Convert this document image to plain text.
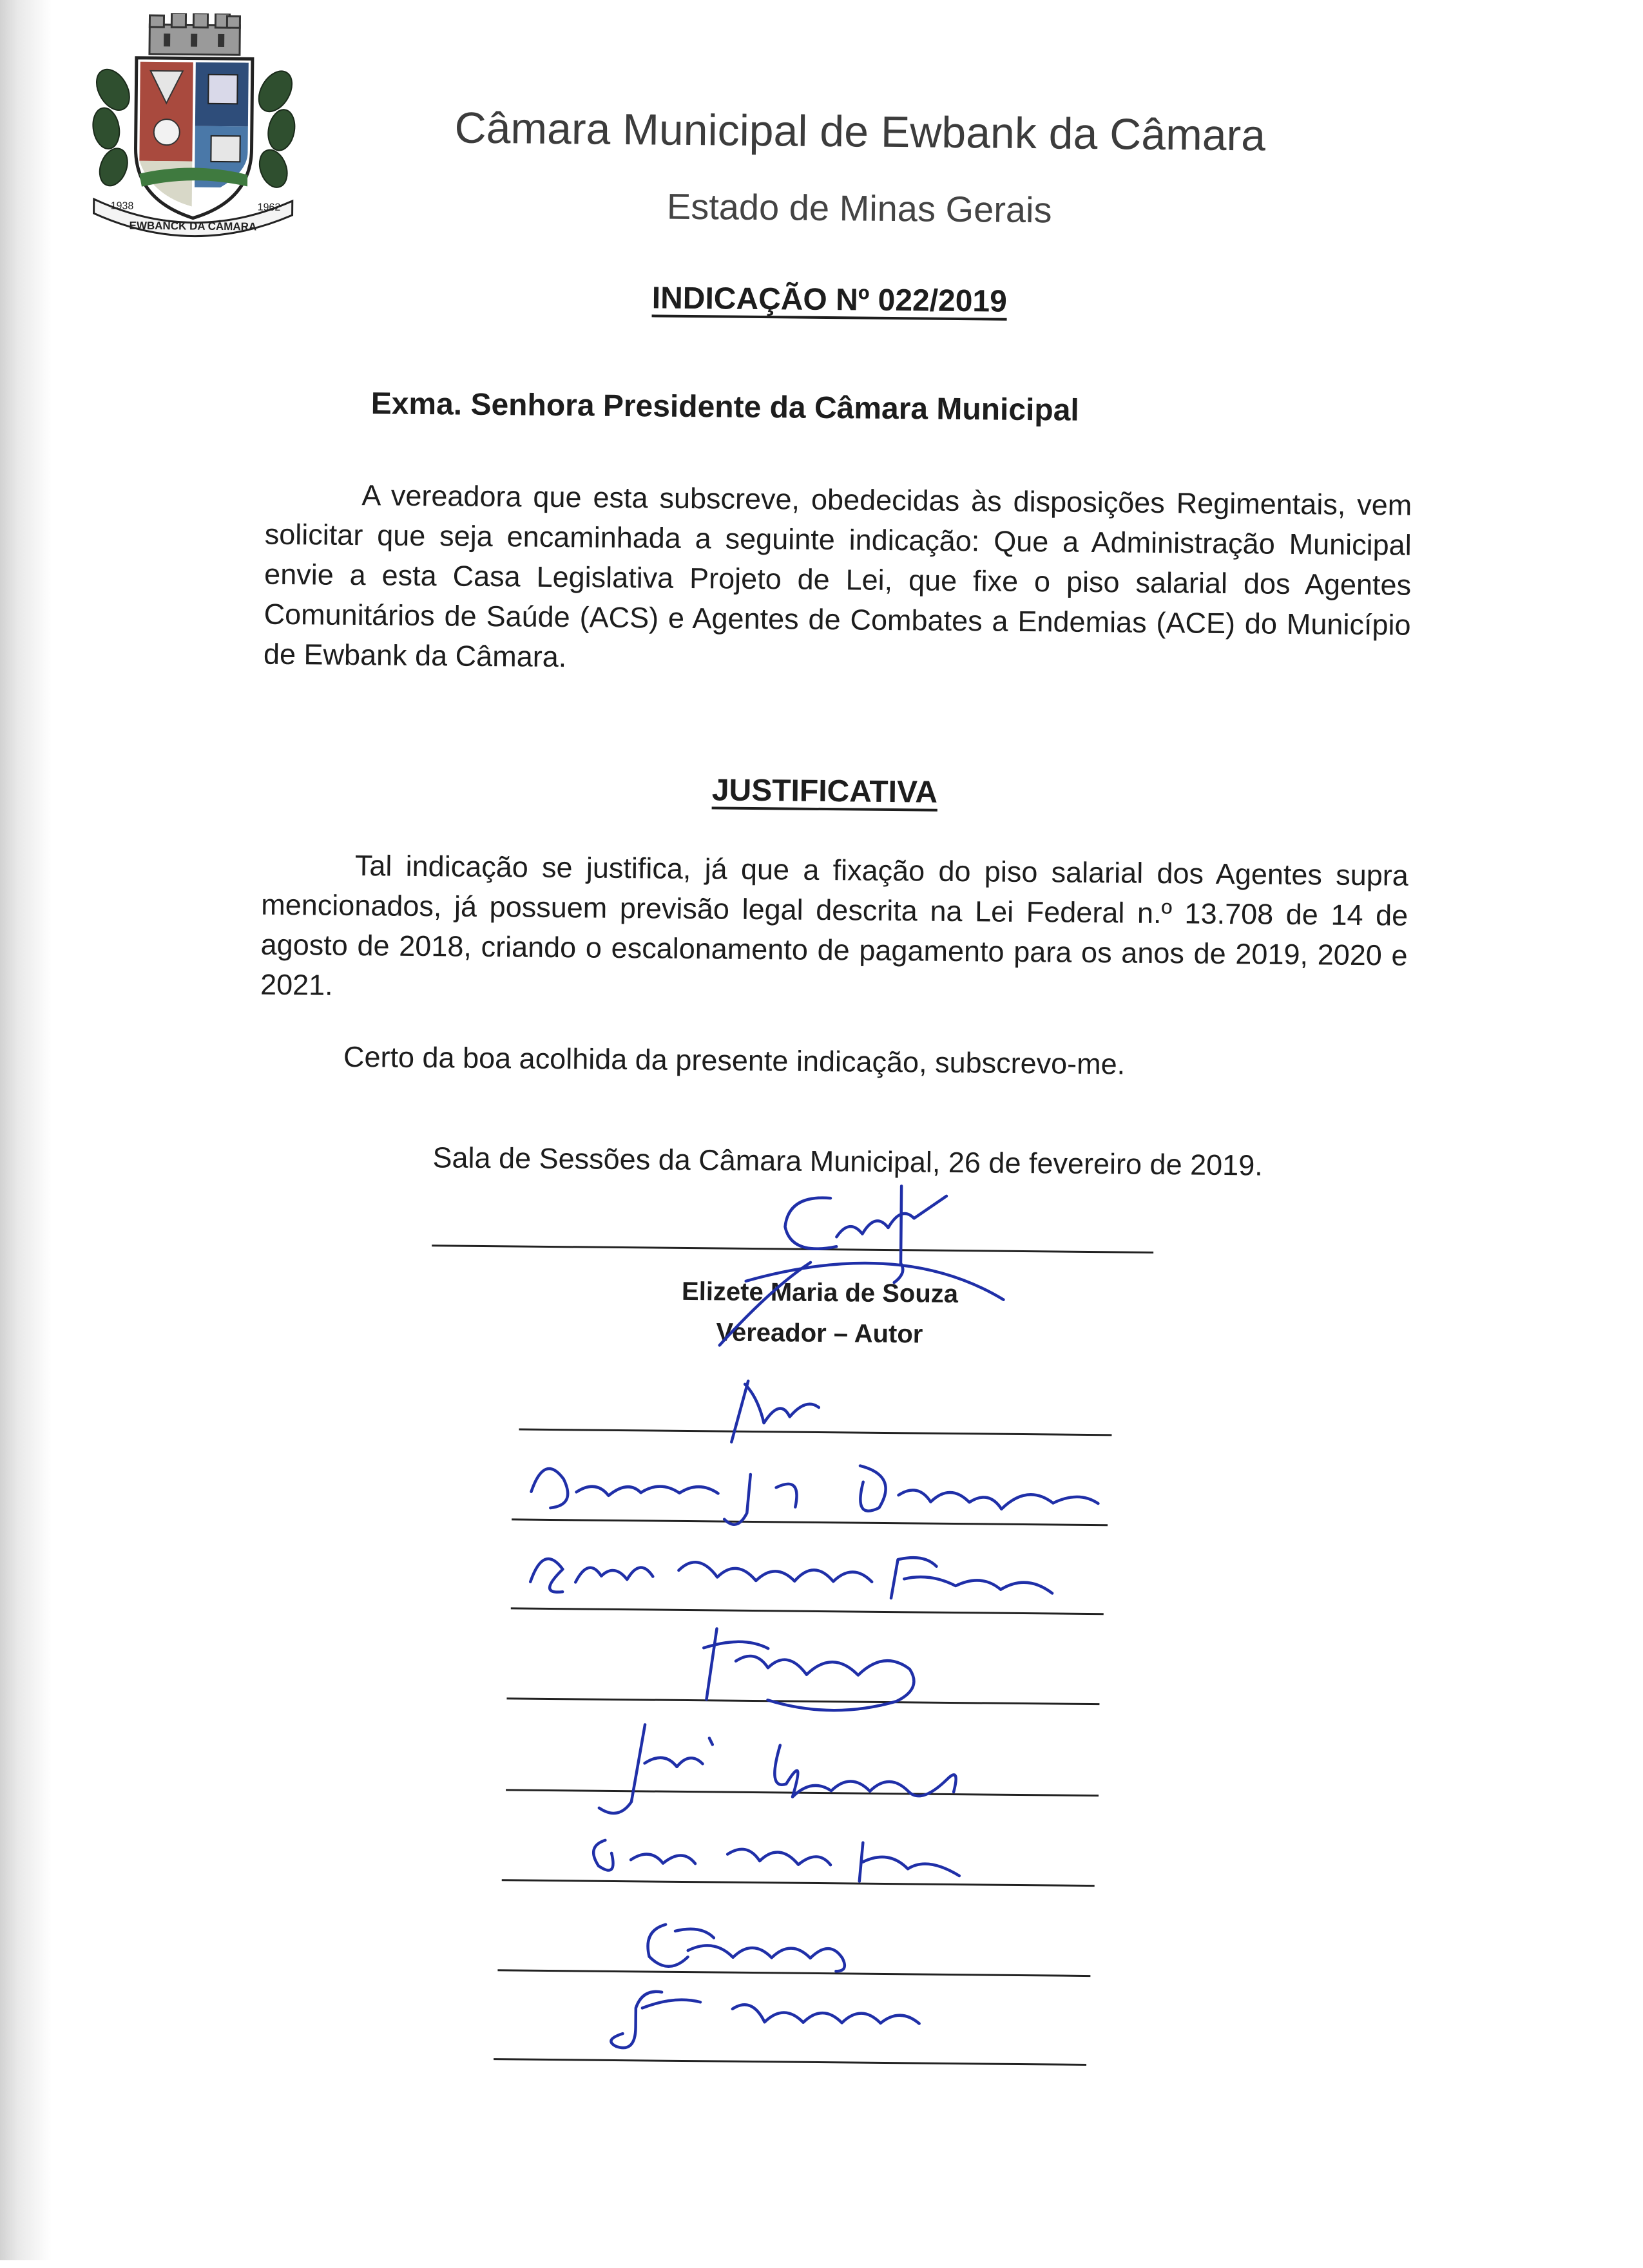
1938	1962
EWBANCK DA CÂMARA
Câmara Municipal de Ewbank da Câmara
Estado de Minas Gerais
INDICAÇÃO Nº 022/2019
Exma. Senhora Presidente da Câmara Municipal
A vereadora que esta subscreve, obedecidas às disposições Regimentais, vem solicitar que seja encaminhada a seguinte indicação: Que a Administração Municipal envie a esta Casa Legislativa Projeto de Lei, que fixe o piso salarial dos Agentes Comunitários de Saúde (ACS) e Agentes de Combates a Endemias (ACE) do Município de Ewbank da Câmara.
JUSTIFICATIVA
Tal indicação se justifica, já que a fixação do piso salarial dos Agentes supra mencionados, já possuem previsão legal descrita na Lei Federal n.º 13.708 de 14 de agosto de 2018, criando o escalonamento de pagamento para os anos de 2019, 2020 e 2021.
Certo da boa acolhida da presente indicação, subscrevo-me.
Sala de Sessões da Câmara Municipal, 26 de fevereiro de 2019.
Elizete Maria de Souza
Vereador – Autor
